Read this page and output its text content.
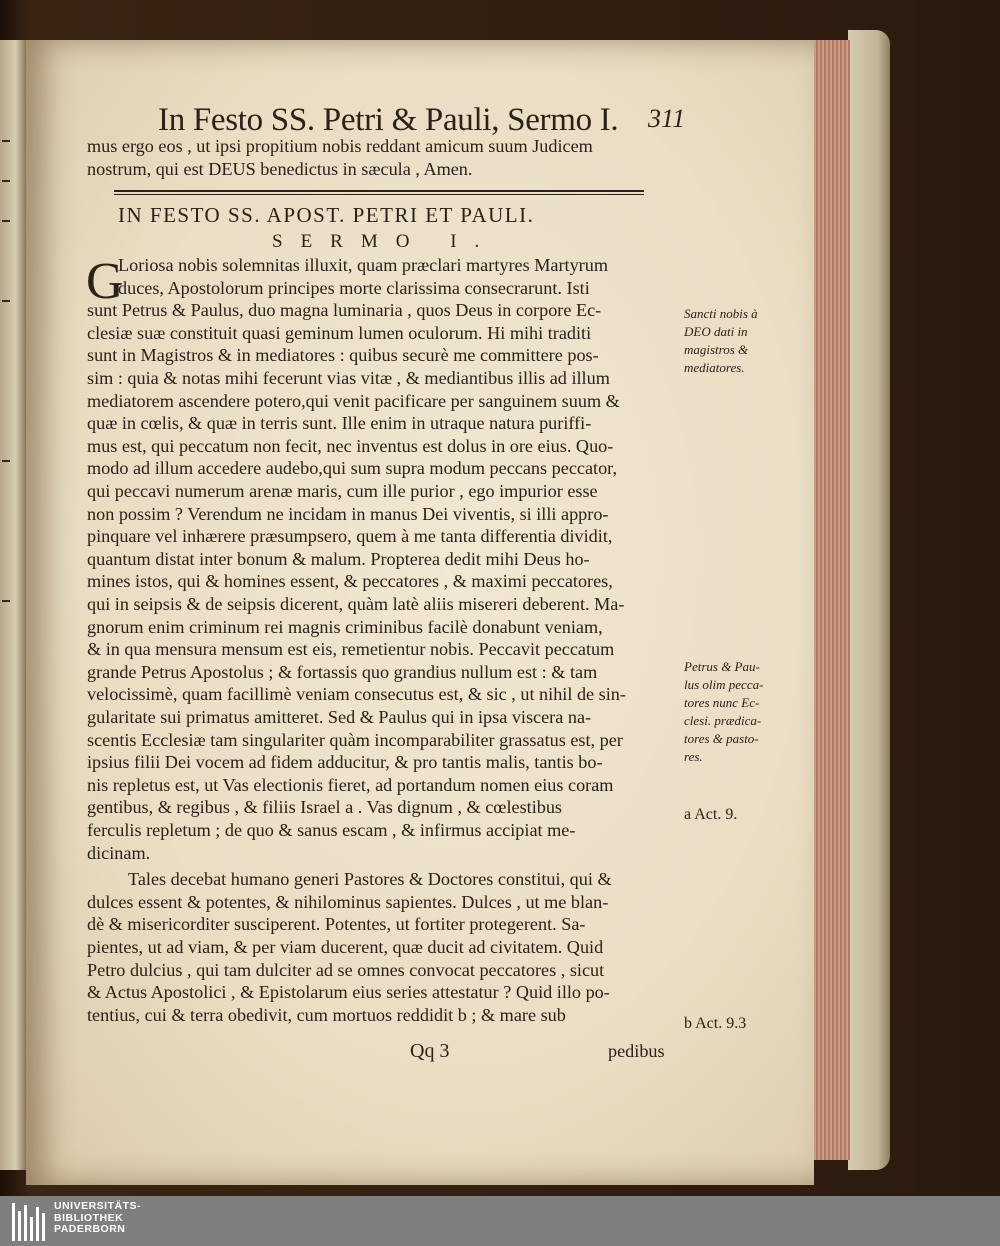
In Festo SS. Petri & Pauli, Sermo I.	311
mus ergo eos , ut ipsi propitium nobis reddant amicum suum Judicem
nostrum, qui est DEUS benedictus in sæcula , Amen.
IN FESTO SS. APOST. PETRI ET PAULI.
SERMO I.
G
Loriosa nobis solemnitas illuxit, quam præclari martyres Martyrum
duces, Apostolorum principes morte clarissima consecrarunt. Isti
sunt Petrus & Paulus, duo magna luminaria , quos Deus in corpore Ec-
clesiæ suæ constituit quasi geminum lumen oculorum. Hi mihi traditi
sunt in Magistros & in mediatores : quibus securè me committere pos-
sim : quia & notas mihi fecerunt vias vitæ , & mediantibus illis ad illum
mediatorem ascendere potero,qui venit pacificare per sanguinem suum &
quæ in cœlis, & quæ in terris sunt. Ille enim in utraque natura puriffi-
mus est, qui peccatum non fecit, nec inventus est dolus in ore eius. Quo-
modo ad illum accedere audebo,qui sum supra modum peccans peccator,
qui peccavi numerum arenæ maris, cum ille purior , ego impurior esse
non possim ? Verendum ne incidam in manus Dei viventis, si illi appro-
pinquare vel inhærere præsumpsero, quem à me tanta differentia dividit,
quantum distat inter bonum & malum. Propterea dedit mihi Deus ho-
mines istos, qui & homines essent, & peccatores , & maximi peccatores,
qui in seipsis & de seipsis dicerent, quàm latè aliis misereri deberent. Ma-
gnorum enim criminum rei magnis criminibus facilè donabunt veniam,
& in qua mensura mensum est eis, remetientur nobis. Peccavit peccatum
grande Petrus Apostolus ; & fortassis quo grandius nullum est : & tam
velocissimè, quam facillimè veniam consecutus est, & sic , ut nihil de sin-
gularitate sui primatus amitteret. Sed & Paulus qui in ipsa viscera na-
scentis Ecclesiæ tam singulariter quàm incomparabiliter grassatus est, per
ipsius filii Dei vocem ad fidem adducitur, & pro tantis malis, tantis bo-
nis repletus est, ut Vas electionis fieret, ad portandum nomen eius coram
gentibus, & regibus , & filiis Israel a . Vas dignum , & cœlestibus
ferculis repletum ; de quo & sanus escam , & infirmus accipiat me-
dicinam.
Tales decebat humano generi Pastores & Doctores constitui, qui &
dulces essent & potentes, & nihilominus sapientes. Dulces , ut me blan-
dè & misericorditer susciperent. Potentes, ut fortiter protegerent. Sa-
pientes, ut ad viam, & per viam ducerent, quæ ducit ad civitatem. Quid
Petro dulcius , qui tam dulciter ad se omnes convocat peccatores , sicut
& Actus Apostolici , & Epistolarum eius series attestatur ? Quid illo po-
tentius, cui & terra obedivit, cum mortuos reddidit b ; & mare sub
Sancti nobis à
DEO dati in
magistros &
mediatores.
Petrus & Pau-
lus olim pecca-
tores nunc Ec-
clesi. prædica-
tores & pasto-
res.
a Act. 9.
b Act. 9.3
Qq 3	pedibus
UNIVERSITÄTS-
BIBLIOTHEK
PADERBORN
